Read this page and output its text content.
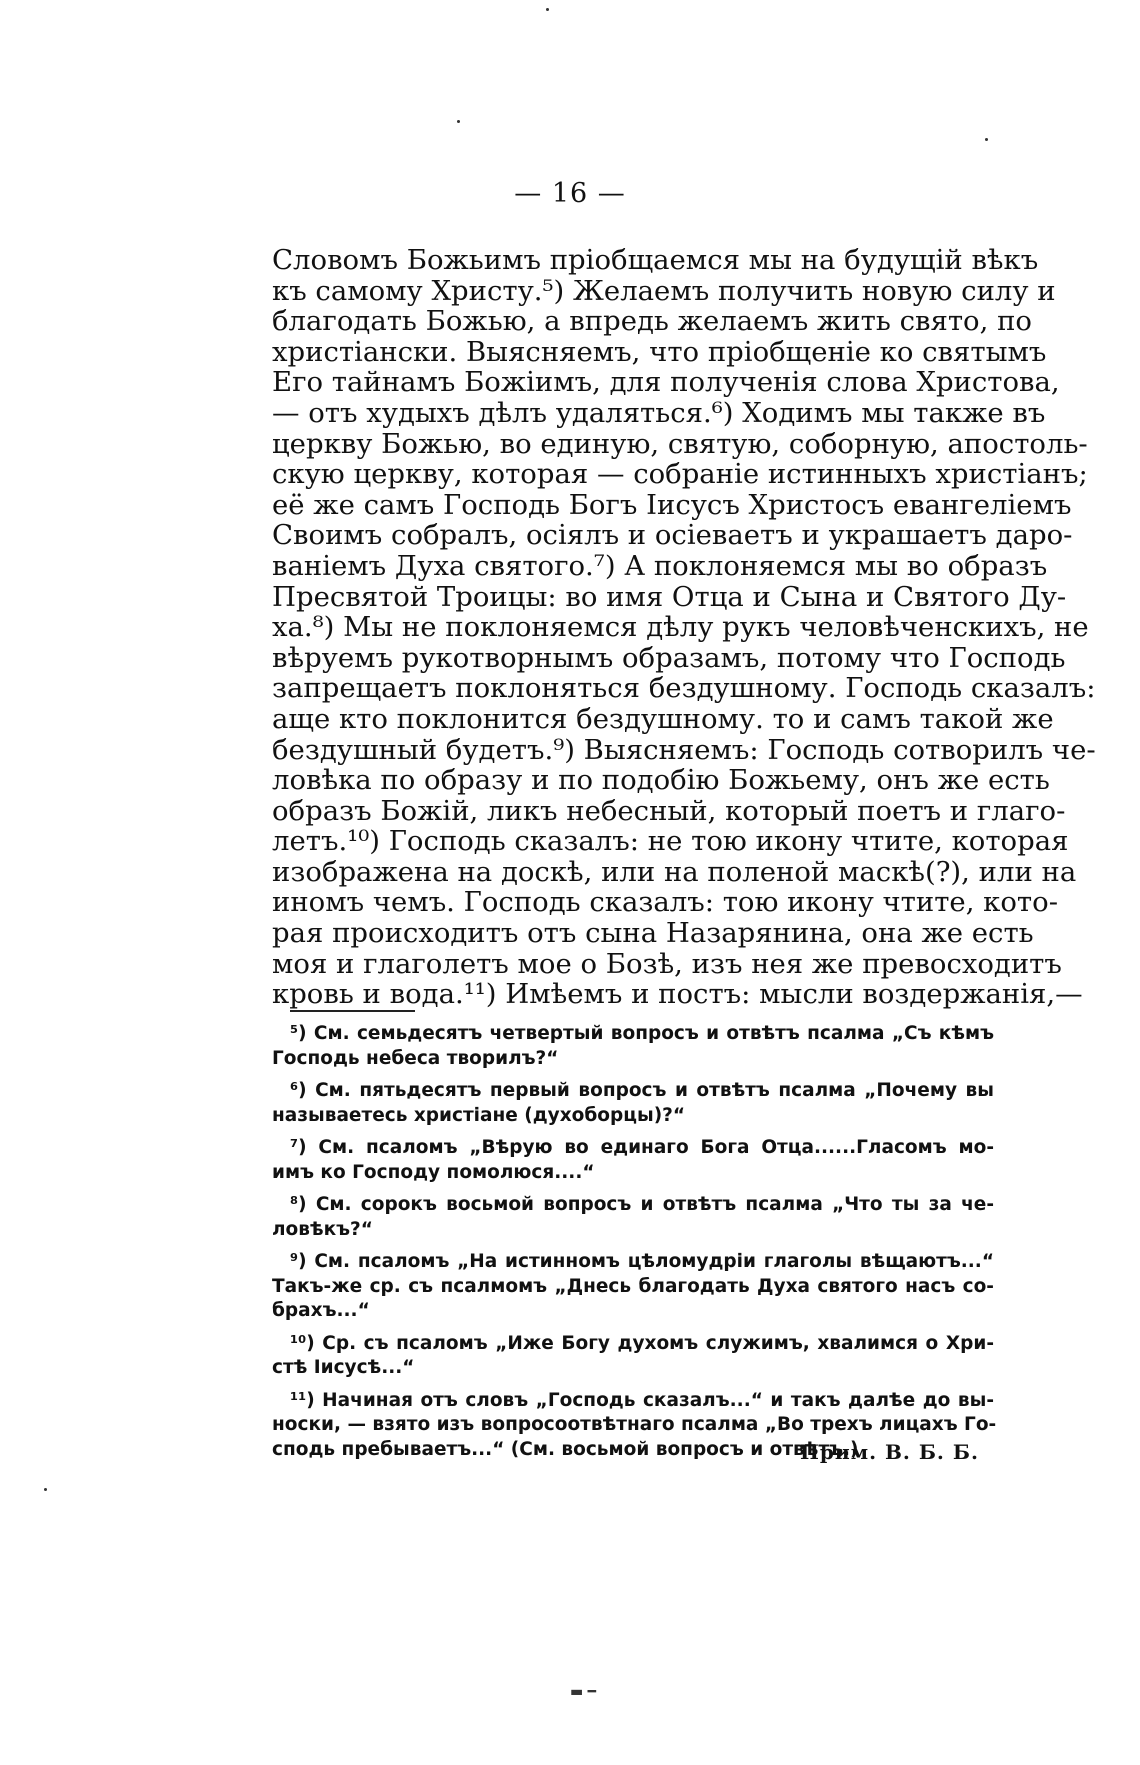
— 16 —
Словомъ Божьимъ пріобщаемся мы на будущій вѣкъ
къ самому Христу.⁵) Желаемъ получить новую силу и
благодать Божью, а впредь желаемъ жить свято, по
христіански. Выясняемъ, что пріобщеніе ко святымъ
Его тайнамъ Божіимъ, для полученія слова Христова,
— отъ худыхъ дѣлъ удаляться.⁶) Ходимъ мы также въ
церкву Божью, во единую, святую, соборную, апостоль-
скую церкву, которая — собраніе истинныхъ христіанъ;
её же самъ Господь Богъ Іисусъ Христосъ евангеліемъ
Своимъ собралъ, осіялъ и осіеваетъ и украшаетъ даро-
ваніемъ Духа святого.⁷) А поклоняемся мы во образъ
Пресвятой Троицы: во имя Отца и Сына и Святого Ду-
ха.⁸) Мы не поклоняемся дѣлу рукъ человѣченскихъ, не
вѣруемъ рукотворнымъ образамъ, потому что Господь
запрещаетъ поклоняться бездушному. Господь сказалъ:
аще кто поклонится бездушному. то и самъ такой же
бездушный будетъ.⁹) Выясняемъ: Господь сотворилъ че-
ловѣка по образу и по подобію Божьему, онъ же есть
образъ Божій, ликъ небесный, который поетъ и глаго-
летъ.¹⁰) Господь сказалъ: не тою икону чтите, которая
изображена на доскѣ, или на поленой маскѣ(?), или на
иномъ чемъ. Господь сказалъ: тою икону чтите, кото-
рая происходитъ отъ сына Назарянина, она же есть
моя и глаголетъ мое о Бозѣ, изъ нея же превосходитъ
кровь и вода.¹¹) Имѣемъ и постъ: мысли воздержанія,—
⁵) См. семьдесятъ четвертый вопросъ и отвѣтъ псалма „Съ кѣмъ
Господь небеса творилъ?“
⁶) См. пятьдесятъ первый вопросъ и отвѣтъ псалма „Почему вы
называетесь христіане (духоборцы)?“
⁷) См. псаломъ „Вѣрую во единаго Бога Отца......Гласомъ мо-
имъ ко Господу помолюся....“
⁸) См. сорокъ восьмой вопросъ и отвѣтъ псалма „Что ты за че-
ловѣкъ?“
⁹) См. псаломъ „На истинномъ цѣломудріи глаголы вѣщаютъ...“
Такъ-же ср. съ псалмомъ „Днесь благодать Духа святого насъ со-
брахъ...“
¹⁰) Ср. съ псаломъ „Иже Богу духомъ служимъ, хвалимся о Хри-
стѣ Іисусѣ...“
¹¹) Начиная отъ словъ „Господь сказалъ...“ и такъ далѣе до вы-
носки, — взято изъ вопросоотвѣтнаго псалма „Во трехъ лицахъ Го-
сподь пребываетъ...“ (См. восьмой вопросъ и отвѣтъ.)
Прим. В. Б. Б.
▬ ━
